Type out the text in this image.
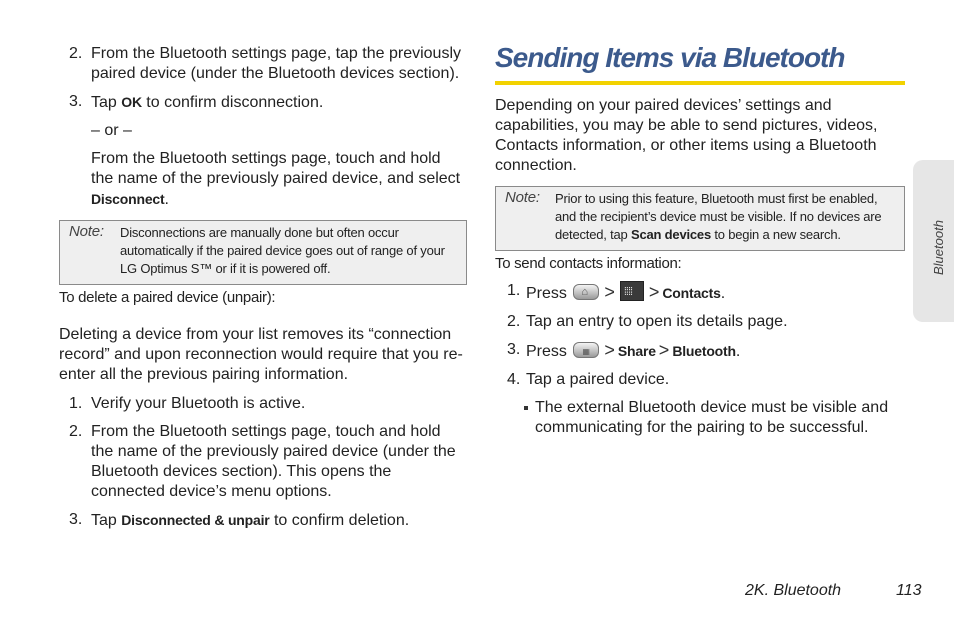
2. From the Bluetooth settings page, tap the previously paired device (under the Bluetooth devices section).

3. Tap OK to confirm disconnection.

– or –

From the Bluetooth settings page, touch and hold the name of the previously paired device, and select Disconnect.

Note: Disconnections are manually done but often occur automatically if the paired device goes out of range of your LG Optimus S™ or if it is powered off.

To delete a paired device (unpair):

Deleting a device from your list removes its “connection record” and upon reconnection would require that you re-enter all the previous pairing information.

1. Verify your Bluetooth is active.

2. From the Bluetooth settings page, touch and hold the name of the previously paired device (under the Bluetooth devices section). This opens the connected device’s menu options.

3. Tap Disconnected & unpair to confirm deletion.

Sending Items via Bluetooth

Depending on your paired devices’ settings and capabilities, you may be able to send pictures, videos, Contacts information, or other items using a Bluetooth connection.

Note: Prior to using this feature, Bluetooth must first be enabled, and the recipient’s device must be visible. If no devices are detected, tap Scan devices to begin a new search.

To send contacts information:

1. Press ⌂ > ⁞⁞⁞⁞ > Contacts.

2. Tap an entry to open its details page.

3. Press ▦ > Share > Bluetooth.

4. Tap a paired device.

The external Bluetooth device must be visible and communicating for the pairing to be successful.
Bluetooth
2K. Bluetooth	113
